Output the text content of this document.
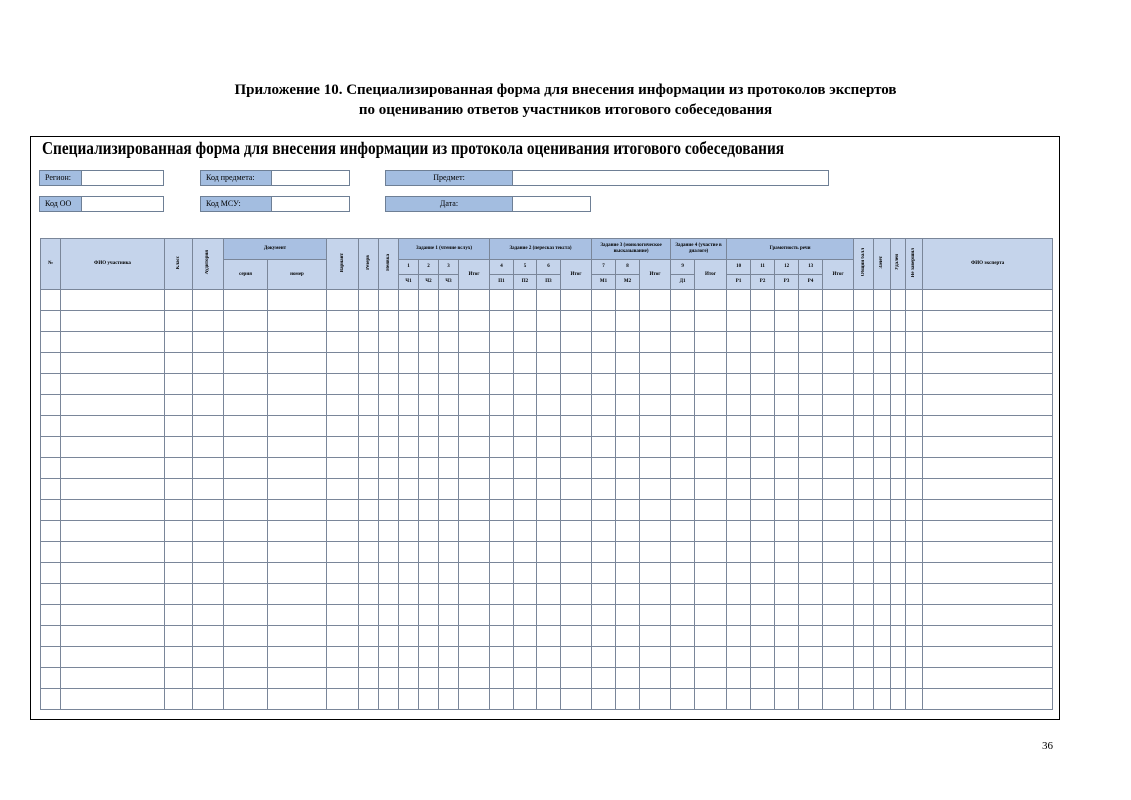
Приложение 10. Специализированная форма для внесения информации из протоколов экспертов
по оцениванию ответов участников итогового собеседования
Специализированная форма для внесения информации из протокола оценивания итогового собеседования
Регион:	Код предмета:	Предмет:
Код ОО	Код МСУ:	Дата:
№	ФИО участника	Класс	Аудитория	Документ		Вариант	Резерв	Неявка	Задание 1 (чтение вслух)				Задание 2 (пересказ текста)				Задание 3 (монологическое высказывание)			Задание 4 (участие в диалоге)		Грамотность речи					Общий балл	Зачёт	Удалён	Не завершил	ФИО эксперта
				серия	номер				1	2	3	Итог	4	5	6	Итог	7	8	Итог	9	Итог	10	11	12	13	Итог					
									Ч1	Ч2	Ч3		П1	П2	П3		М1	М2		Д1		Р1	Р2	Р3	Р4						

36
